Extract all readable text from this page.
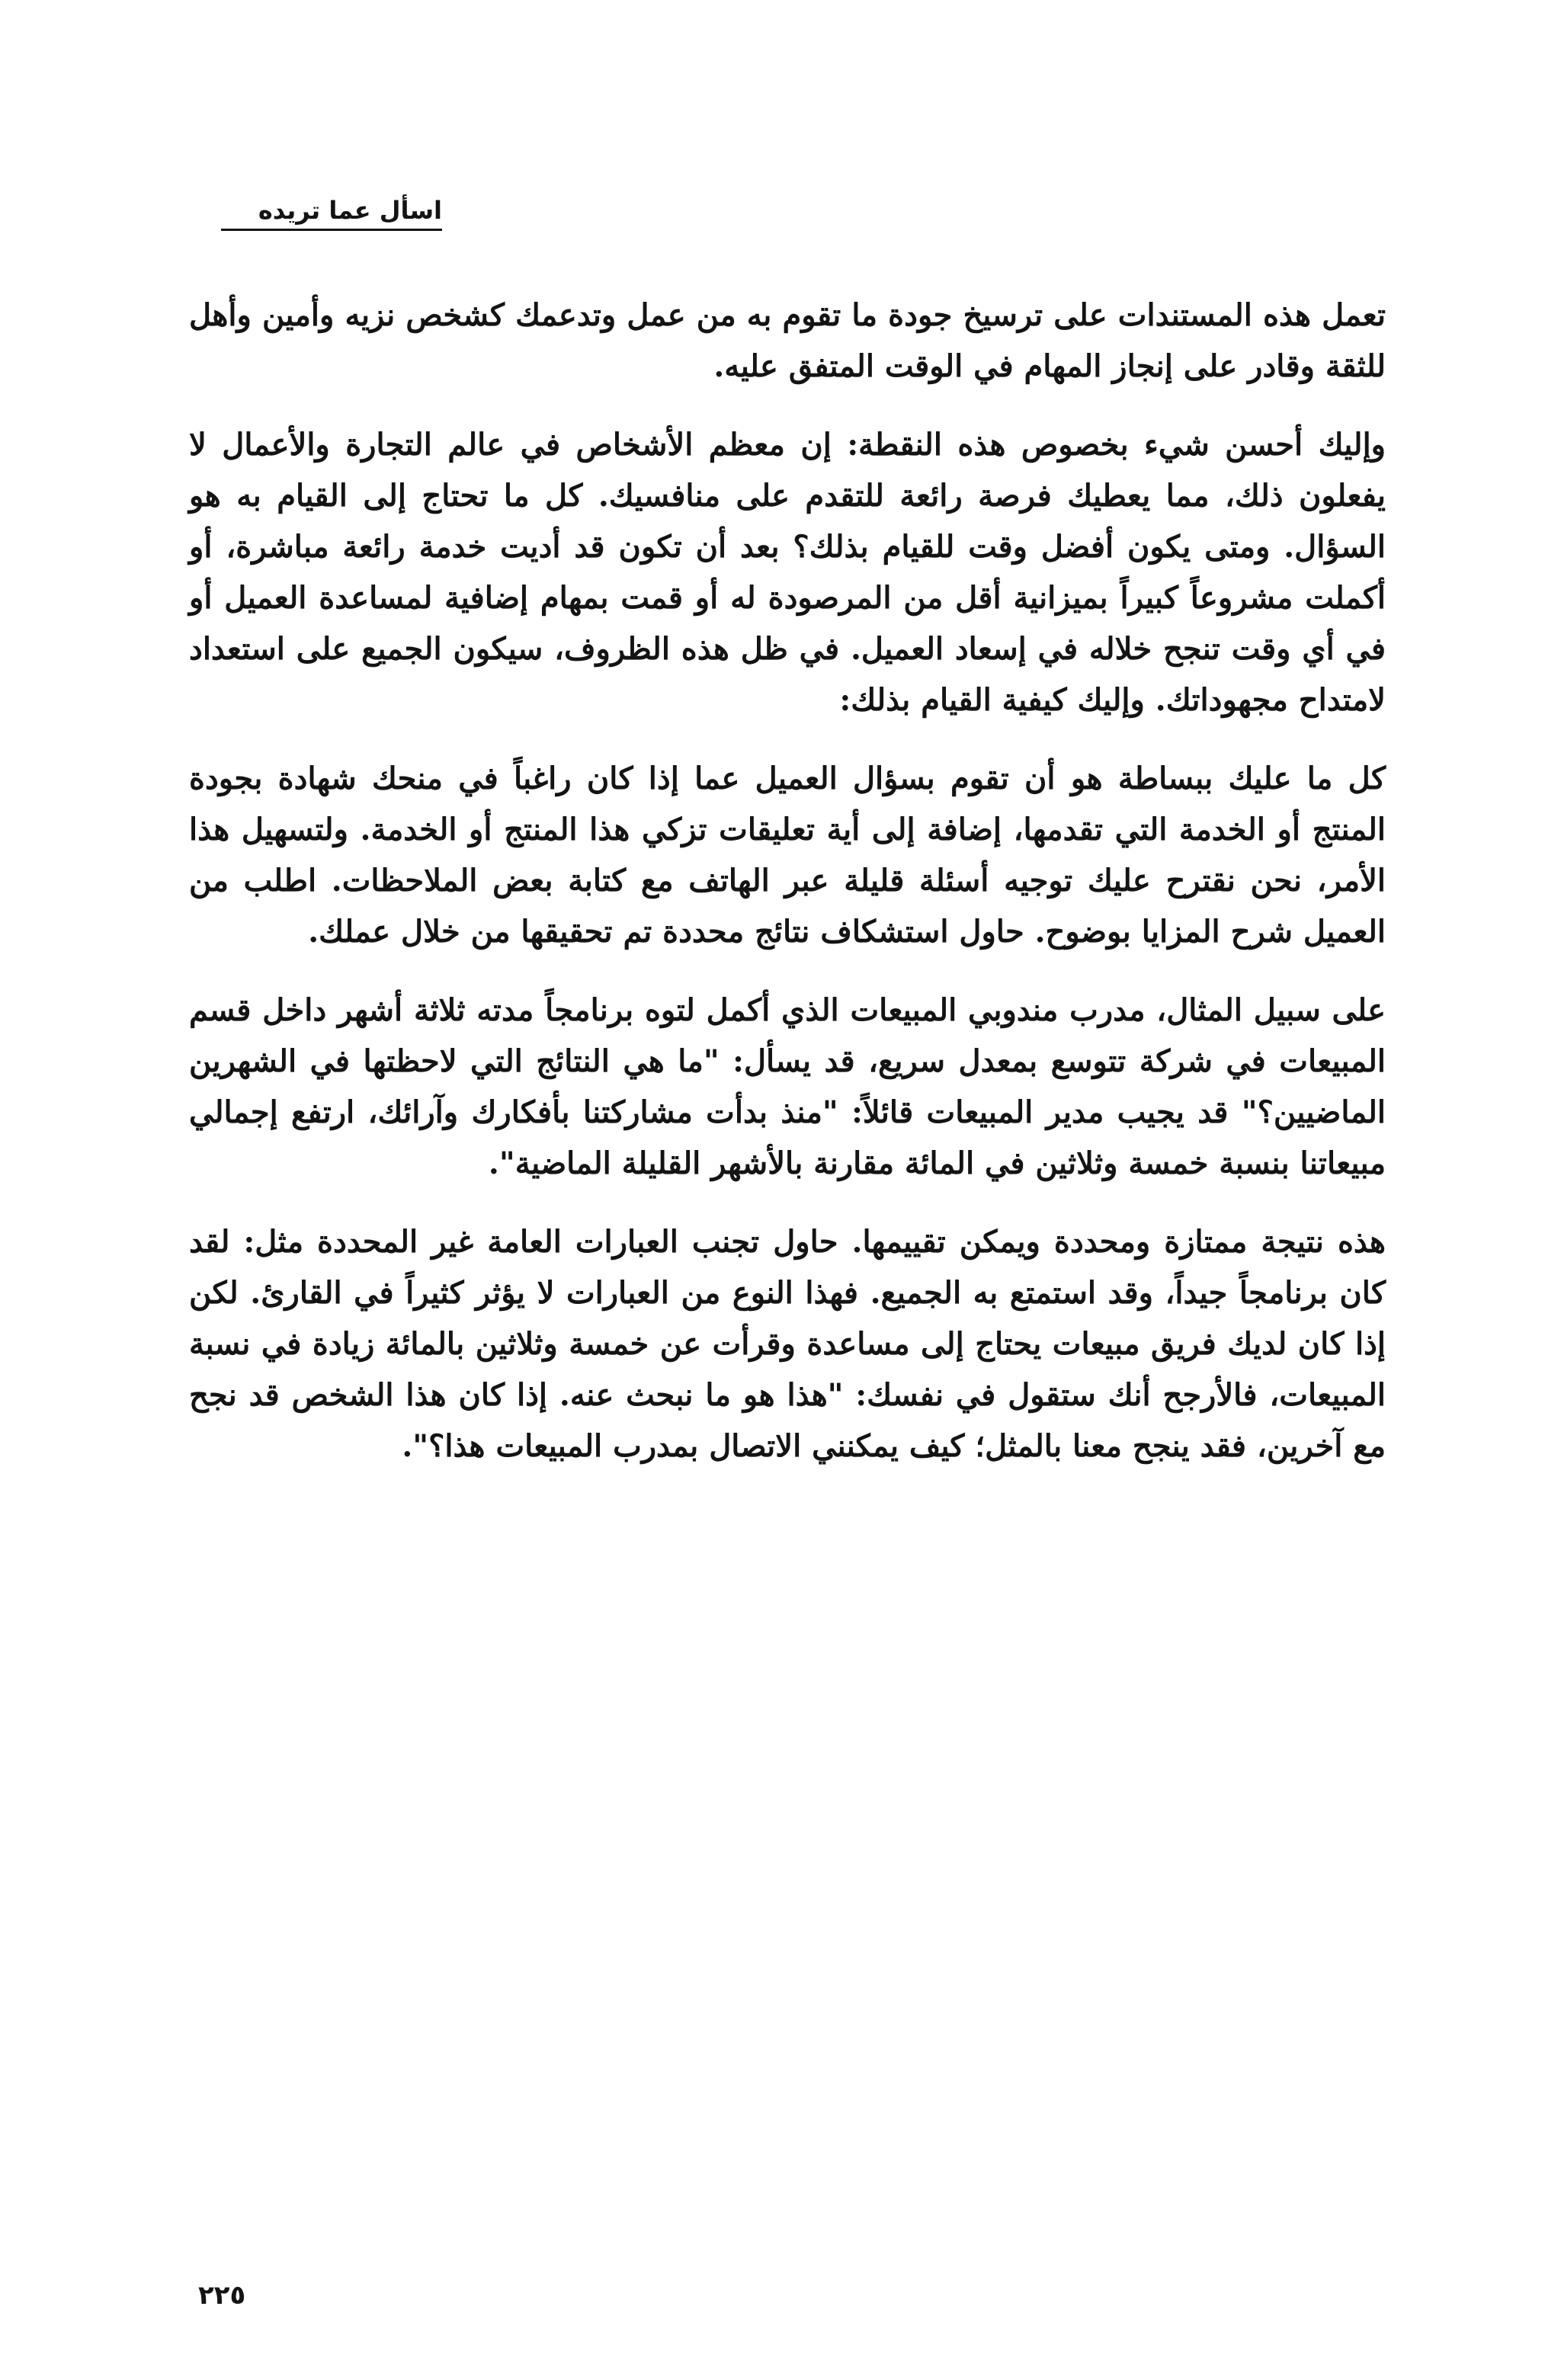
اسأل عما تريده

تعمل هذه المستندات على ترسيخ جودة ما تقوم به من عمل وتدعمك كشخص نزيه وأمين وأهل للثقة وقادر على إنجاز المهام في الوقت المتفق عليه.

وإليك أحسن شيء بخصوص هذه النقطة: إن معظم الأشخاص في عالم التجارة والأعمال لا يفعلون ذلك، مما يعطيك فرصة رائعة للتقدم على منافسيك. كل ما تحتاج إلى القيام به هو السؤال. ومتى يكون أفضل وقت للقيام بذلك؟ بعد أن تكون قد أديت خدمة رائعة مباشرة، أو أكملت مشروعاً كبيراً بميزانية أقل من المرصودة له أو قمت بمهام إضافية لمساعدة العميل أو في أي وقت تنجح خلاله في إسعاد العميل. في ظل هذه الظروف، سيكون الجميع على استعداد لامتداح مجهوداتك. وإليك كيفية القيام بذلك:

كل ما عليك ببساطة هو أن تقوم بسؤال العميل عما إذا كان راغباً في منحك شهادة بجودة المنتج أو الخدمة التي تقدمها، إضافة إلى أية تعليقات تزكي هذا المنتج أو الخدمة. ولتسهيل هذا الأمر، نحن نقترح عليك توجيه أسئلة قليلة عبر الهاتف مع كتابة بعض الملاحظات. اطلب من العميل شرح المزايا بوضوح. حاول استشكاف نتائج محددة تم تحقيقها من خلال عملك.

على سبيل المثال، مدرب مندوبي المبيعات الذي أكمل لتوه برنامجاً مدته ثلاثة أشهر داخل قسم المبيعات في شركة تتوسع بمعدل سريع، قد يسأل: "ما هي النتائج التي لاحظتها في الشهرين الماضيين؟" قد يجيب مدير المبيعات قائلاً: "منذ بدأت مشاركتنا بأفكارك وآرائك، ارتفع إجمالي مبيعاتنا بنسبة خمسة وثلاثين في المائة مقارنة بالأشهر القليلة الماضية".

هذه نتيجة ممتازة ومحددة ويمكن تقييمها. حاول تجنب العبارات العامة غير المحددة مثل: لقد كان برنامجاً جيداً، وقد استمتع به الجميع. فهذا النوع من العبارات لا يؤثر كثيراً في القارئ. لكن إذا كان لديك فريق مبيعات يحتاج إلى مساعدة وقرأت عن خمسة وثلاثين بالمائة زيادة في نسبة المبيعات، فالأرجح أنك ستقول في نفسك: "هذا هو ما نبحث عنه. إذا كان هذا الشخص قد نجح مع آخرين، فقد ينجح معنا بالمثل؛ كيف يمكنني الاتصال بمدرب المبيعات هذا؟".

٢٢٥
